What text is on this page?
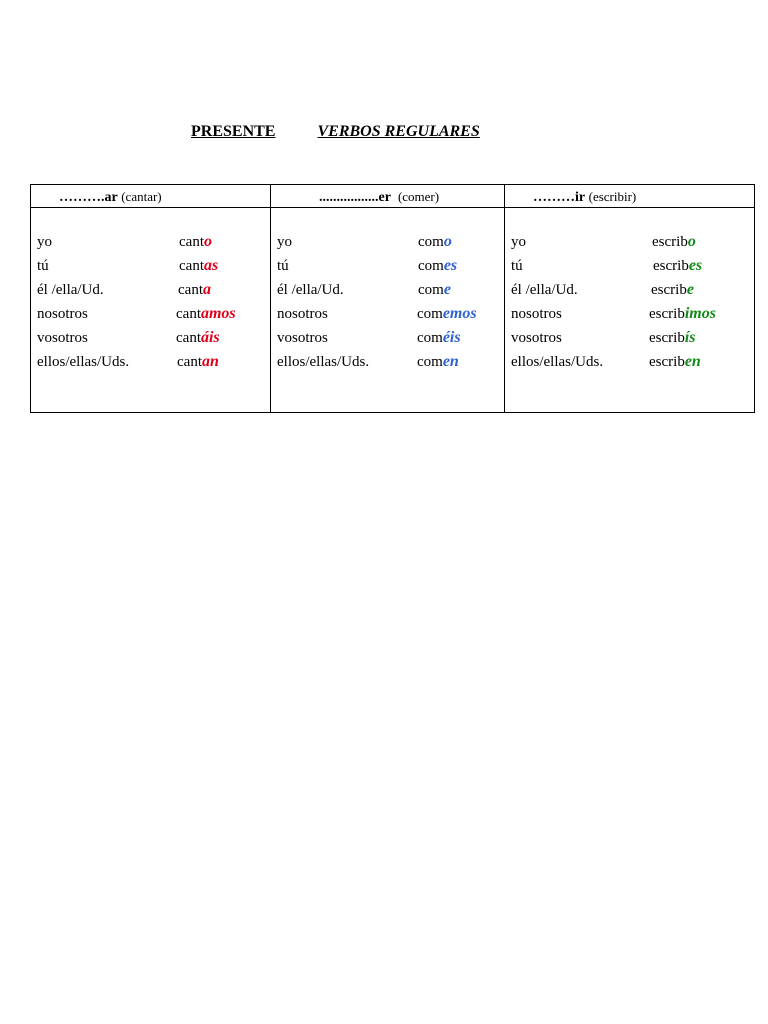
PRESENTE	VERBOS REGULARES
……….ar (cantar)
yo	canto
tú	cantas
él /ella/Ud.	canta
nosotros	cantamos
vosotros	cantáis
ellos/ellas/Uds.	cantan
.................er (comer)
yo	como
tú	comes
él /ella/Ud.	come
nosotros	comemos
vosotros	coméis
ellos/ellas/Uds.	comen
………ir (escribir)
yo	escribo
tú	escribes
él /ella/Ud.	escribe
nosotros	escribimos
vosotros	escribís
ellos/ellas/Uds.	escriben
